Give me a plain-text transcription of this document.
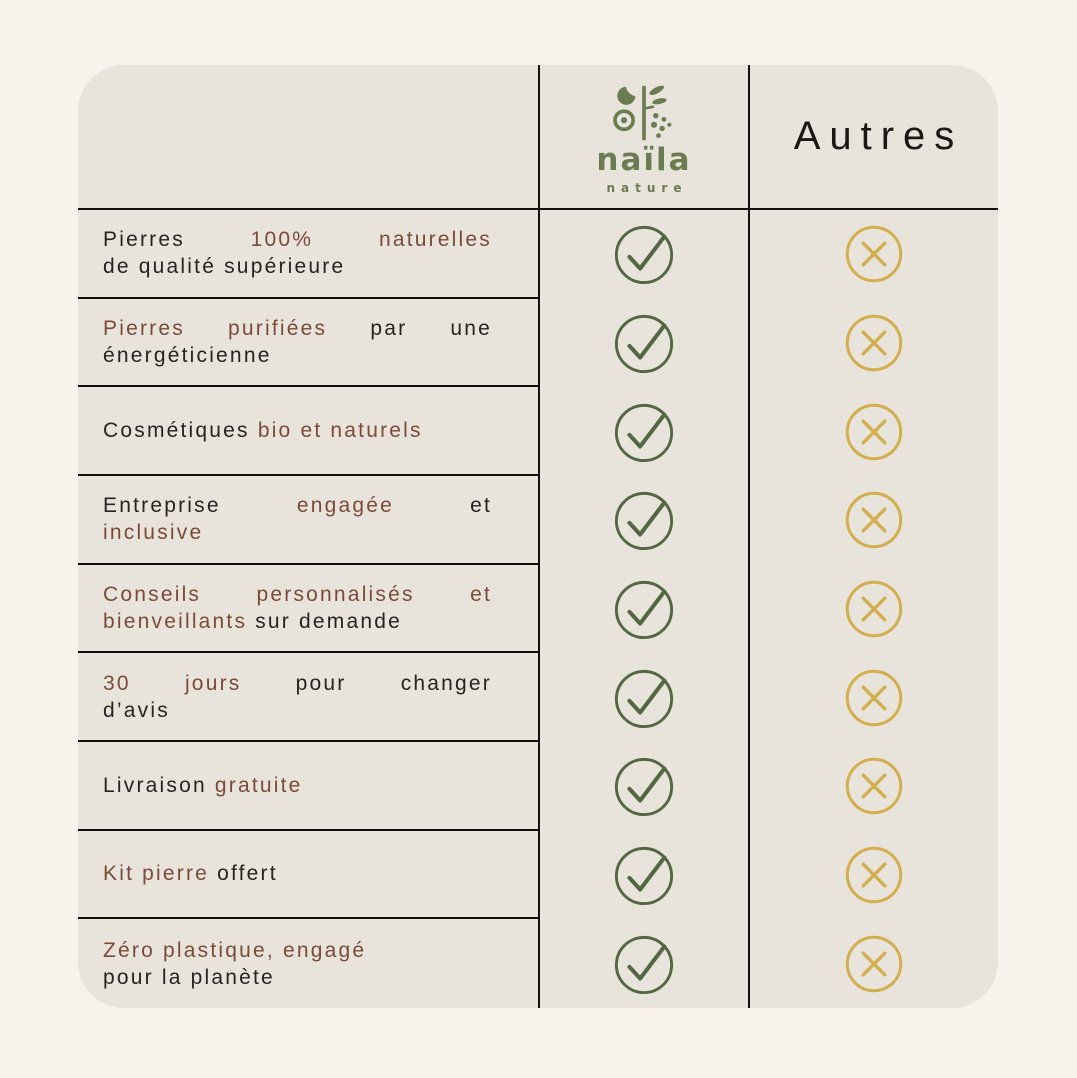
naïla
nature
Autres
Pierres	100%	naturelles
de qualité supérieure
Pierres purifiées par une
énergéticienne
Cosmétiques bio et naturels
Entreprise	engagée	et
inclusive
Conseils personnalisés et
bienveillants sur demande
30 jours	pour	changer
d’avis
Livraison gratuite
Kit pierre offert
Zéro plastique, engagé
pour la planète
